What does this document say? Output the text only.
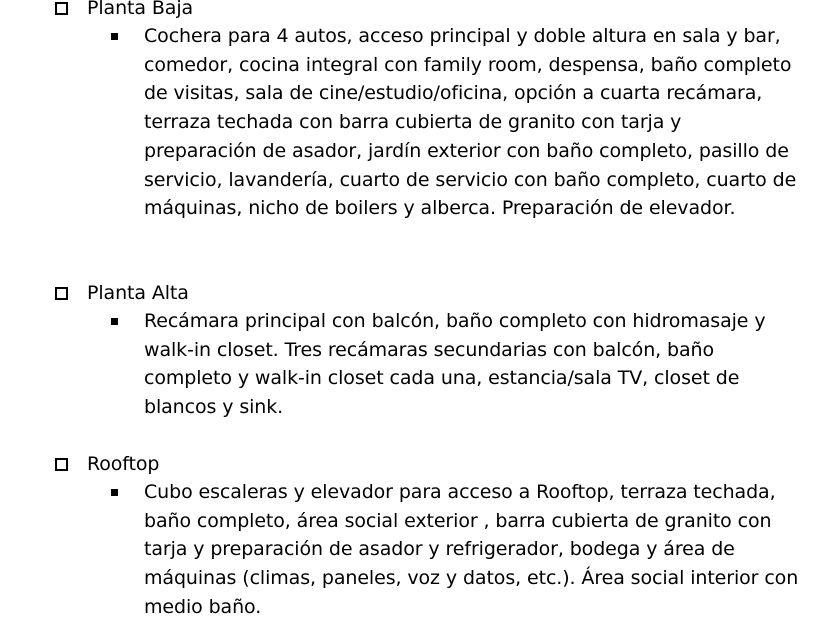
Planta Baja
Cochera para 4 autos, acceso principal y doble altura en sala y bar, comedor, cocina integral con family room, despensa, baño completo de visitas, sala de cine/estudio/oficina, opción a cuarta recámara, terraza techada con barra cubierta de granito con tarja y preparación de asador, jardín exterior con baño completo, pasillo de servicio, lavandería, cuarto de servicio con baño completo, cuarto de máquinas, nicho de boilers y alberca. Preparación de elevador.
Planta Alta
Recámara principal con balcón, baño completo con hidromasaje y walk-in closet. Tres recámaras secundarias con balcón, baño completo y walk-in closet cada una, estancia/sala TV, closet de blancos y sink.
Rooftop
Cubo escaleras y elevador para acceso a Rooftop, terraza techada, baño completo, área social exterior , barra cubierta de granito con tarja y preparación de asador y refrigerador, bodega y área de máquinas (climas, paneles, voz y datos, etc.). Área social interior con medio baño.
